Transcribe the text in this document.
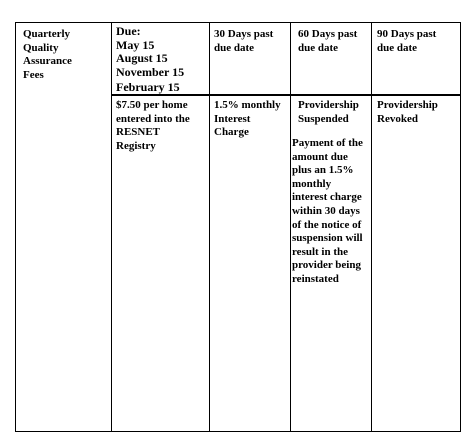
Quarterly
Quality
Assurance
Fees
Due:
May 15
August 15
November 15
February 15
30 Days past
due date
60 Days past
due date
90 Days past
due date
$7.50 per home
entered into the
RESNET
Registry
1.5% monthly
Interest
Charge
Providership
Suspended
Payment of the
amount due
plus an 1.5%
monthly
interest charge
within 30 days
of the notice of
suspension will
result in the
provider being
reinstated
Providership
Revoked
